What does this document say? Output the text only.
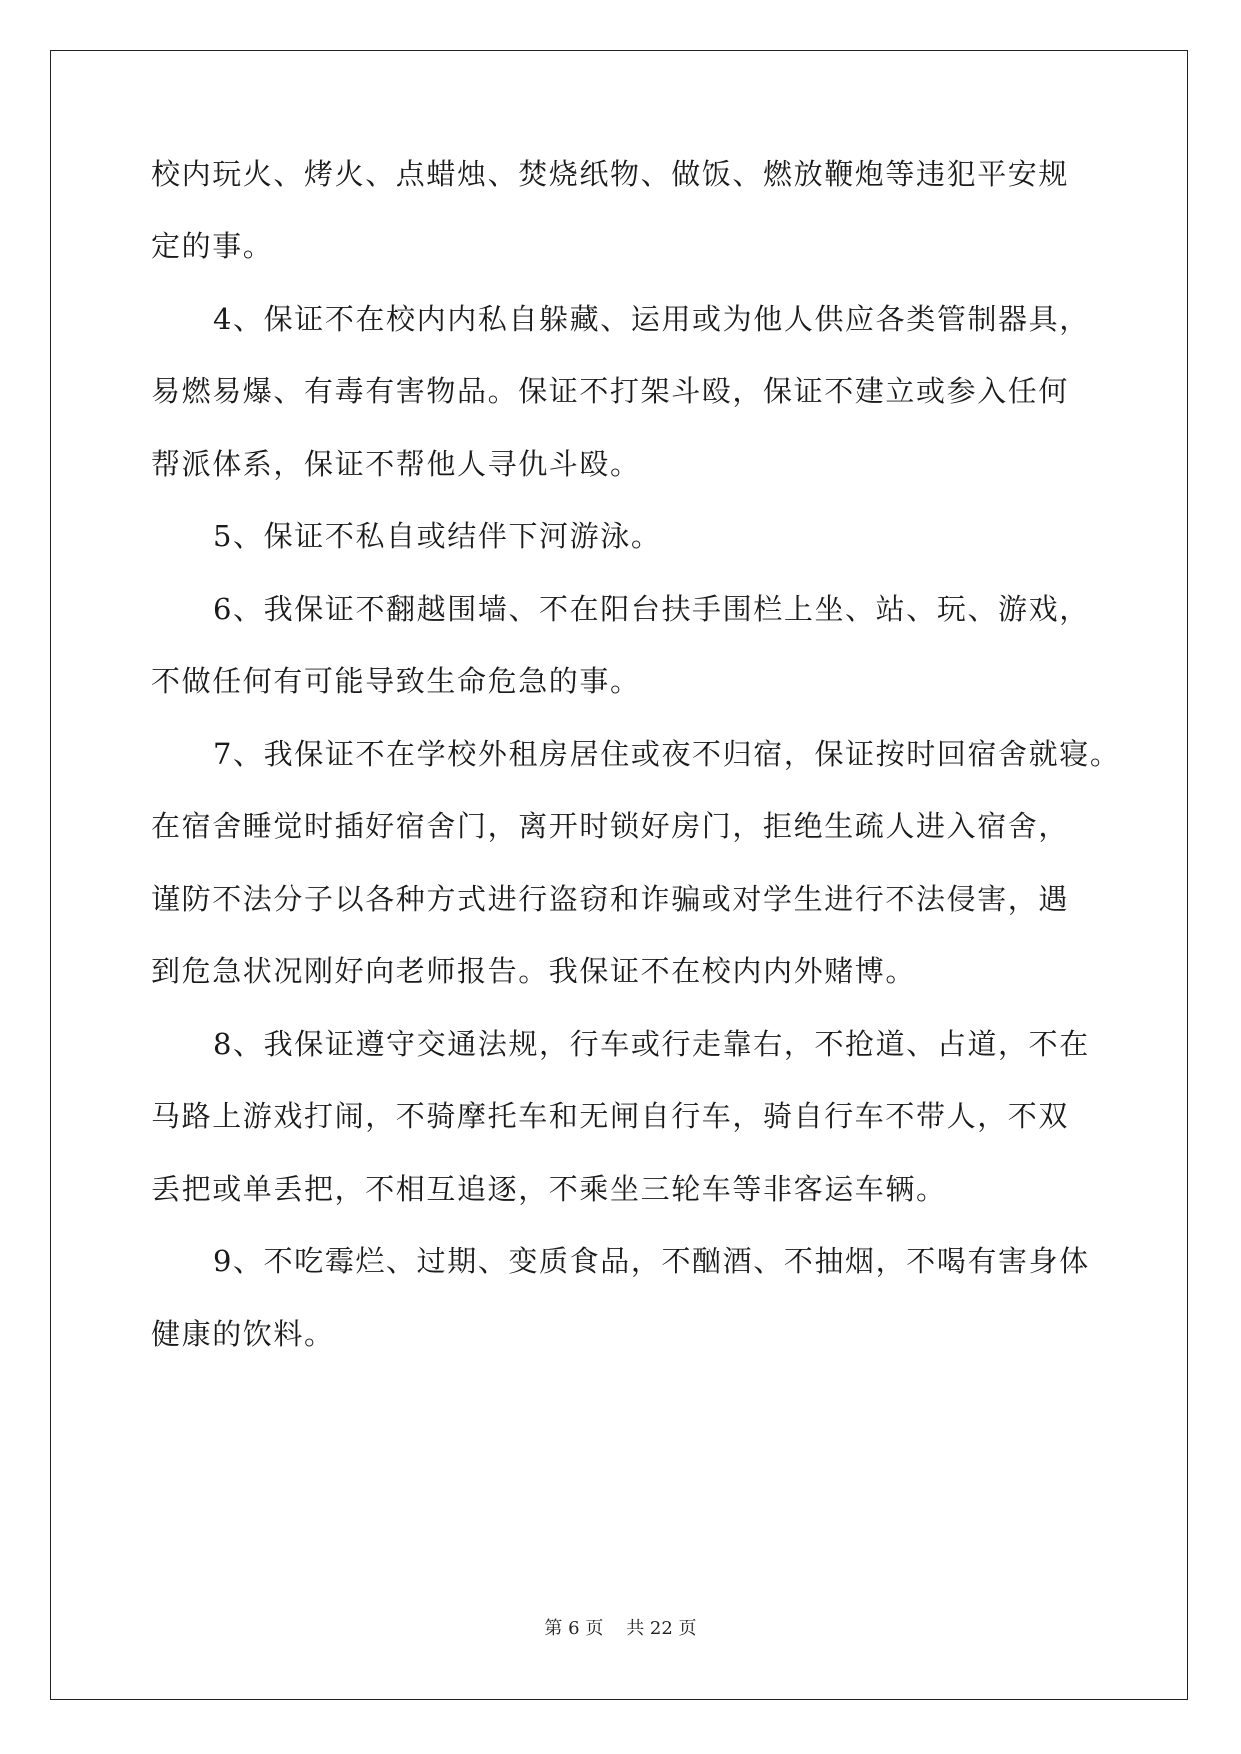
校内玩火、烤火、点蜡烛、焚烧纸物、做饭、燃放鞭炮等违犯平安规
定的事。
4、保证不在校内内私自躲藏、运用或为他人供应各类管制器具，
易燃易爆、有毒有害物品。保证不打架斗殴，保证不建立或参入任何
帮派体系，保证不帮他人寻仇斗殴。
5、保证不私自或结伴下河游泳。
6、我保证不翻越围墙、不在阳台扶手围栏上坐、站、玩、游戏，
不做任何有可能导致生命危急的事。
7、我保证不在学校外租房居住或夜不归宿，保证按时回宿舍就寝。
在宿舍睡觉时插好宿舍门，离开时锁好房门，拒绝生疏人进入宿舍，
谨防不法分子以各种方式进行盗窃和诈骗或对学生进行不法侵害，遇
到危急状况刚好向老师报告。我保证不在校内内外赌博。
8、我保证遵守交通法规，行车或行走靠右，不抢道、占道，不在
马路上游戏打闹，不骑摩托车和无闸自行车，骑自行车不带人，不双
丢把或单丢把，不相互追逐，不乘坐三轮车等非客运车辆。
9、不吃霉烂、过期、变质食品，不酗酒、不抽烟，不喝有害身体
健康的饮料。
第 6 页    共 22 页
